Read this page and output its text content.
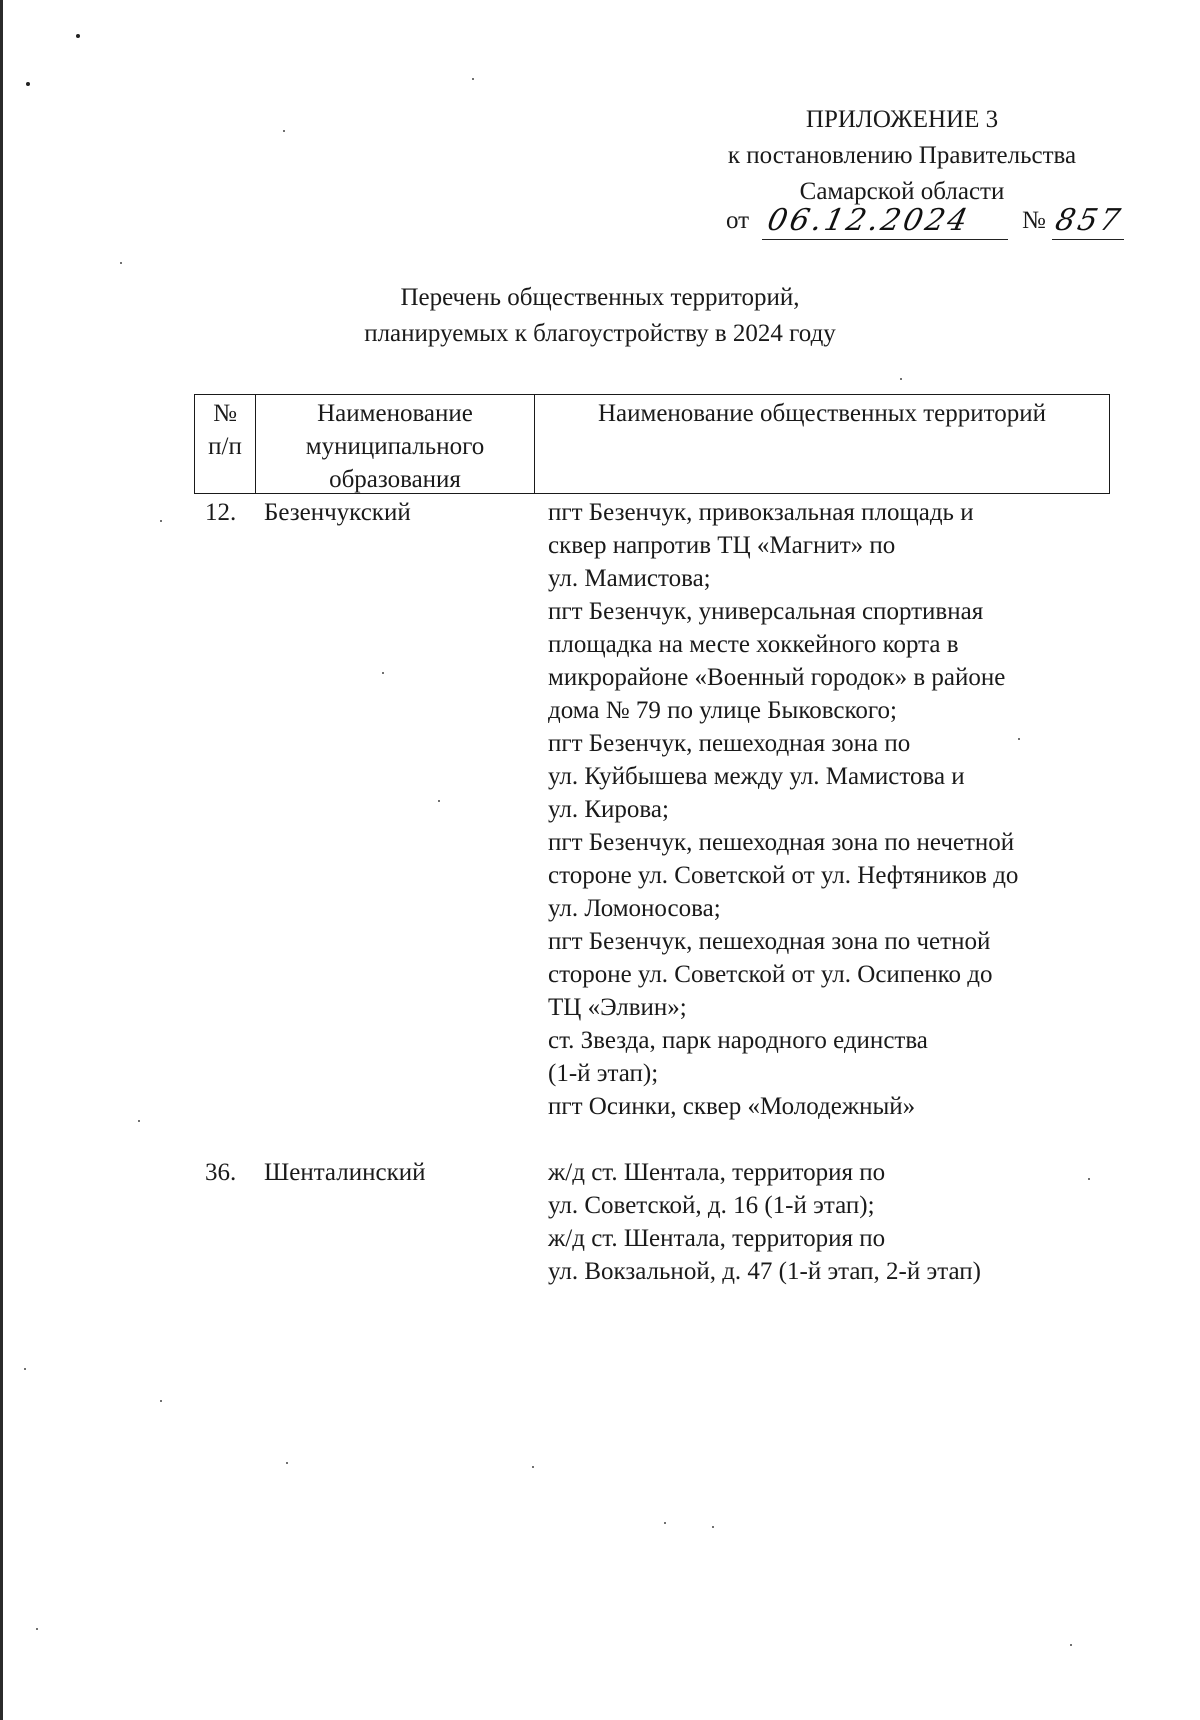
ПРИЛОЖЕНИЕ 3
к постановлению Правительства
Самарской области
от 06.12.2024 № 857
Перечень общественных территорий,
планируемых к благоустройству в 2024 году
№
п/п
Наименование
муниципального
образования
Наименование общественных территорий
12. Безенчукский	пгт Безенчук, привокзальная площадь и
сквер напротив ТЦ «Магнит» по
ул. Мамистова;
пгт Безенчук, универсальная спортивная
площадка на месте хоккейного корта в
микрорайоне «Военный городок» в районе
дома № 79 по улице Быковского;
пгт Безенчук, пешеходная зона по
ул. Куйбышева между ул. Мамистова и
ул. Кирова;
пгт Безенчук, пешеходная зона по нечетной
стороне ул. Советской от ул. Нефтяников до
ул. Ломоносова;
пгт Безенчук, пешеходная зона по четной
стороне ул. Советской от ул. Осипенко до
ТЦ «Элвин»;
ст. Звезда, парк народного единства
(1-й этап);
пгт Осинки, сквер «Молодежный»
36. Шенталинский	ж/д ст. Шентала, территория по
ул. Советской, д. 16 (1-й этап);
ж/д ст. Шентала, территория по
ул. Вокзальной, д. 47 (1-й этап, 2-й этап)
